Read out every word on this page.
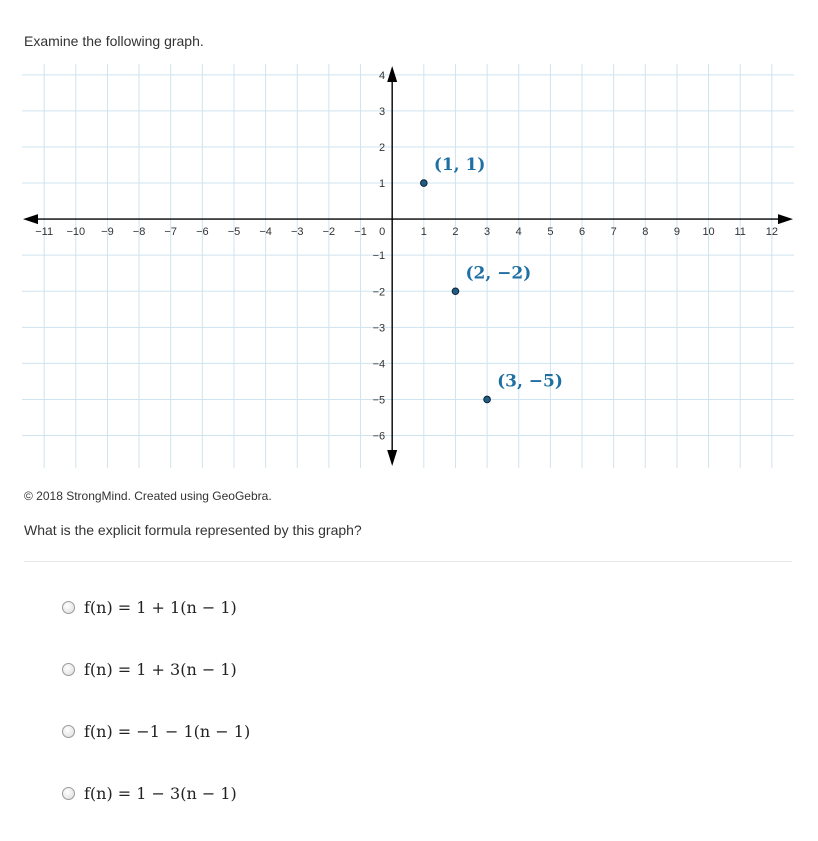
Examine the following graph.
−11 −10 −9 −8 −7 −6 −5 −4 −3 −2 −1 0	1 2 3 4 5 6 7 8 9 10 11 12
4
3
2
1
−1
−2
−3
−4
−5
−6
(1, 1)
(2, −2)
(3, −5)
© 2018 StrongMind. Created using GeoGebra.
What is the explicit formula represented by this graph?
f(n) = 1 + 1(n − 1)
f(n) = 1 + 3(n − 1)
f(n) = −1 − 1(n − 1)
f(n) = 1 − 3(n − 1)
